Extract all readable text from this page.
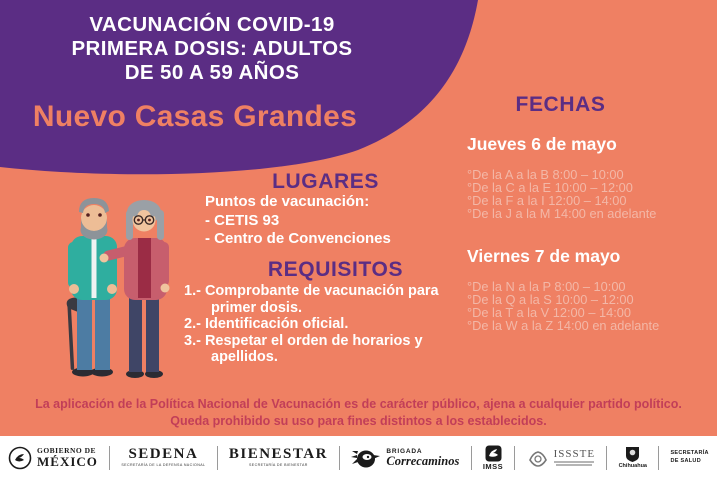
VACUNACIÓN COVID-19
PRIMERA DOSIS: ADULTOS
DE 50 A 59 AÑOS
Nuevo Casas Grandes
LUGARES
Puntos de vacunación:
- CETIS 93
- Centro de Convenciones
REQUISITOS
1.- Comprobante de vacunación para primer dosis.
2.- Identificación oficial.
3.- Respetar el orden de horarios y apellidos.
FECHAS
Jueves 6 de mayo
°De la A a la B 8:00 – 10:00
°De la C a la E 10:00 – 12:00
°De la F a la I 12:00 – 14:00
°De la J a la M 14:00 en adelante
Viernes 7 de mayo
°De la N a la P 8:00 – 10:00
°De la Q a la S 10:00 – 12:00
°De la T a la V 12:00 – 14:00
°De la W a la Z 14:00 en adelante
La aplicación de la Política Nacional de Vacunación es de carácter público, ajena a cualquier partido político.
Queda prohibido su uso para fines distintos a los establecidos.
GOBIERNO DE
MÉXICO SEDENA
SECRETARÍA DE LA DEFENSA NACIONAL
BIENESTAR
SECRETARÍA DE BIENESTAR
BRIGADA
Correcaminos	IMSS
ISSSTE
Chihuahua
SECRETARÍA
DE SALUD
